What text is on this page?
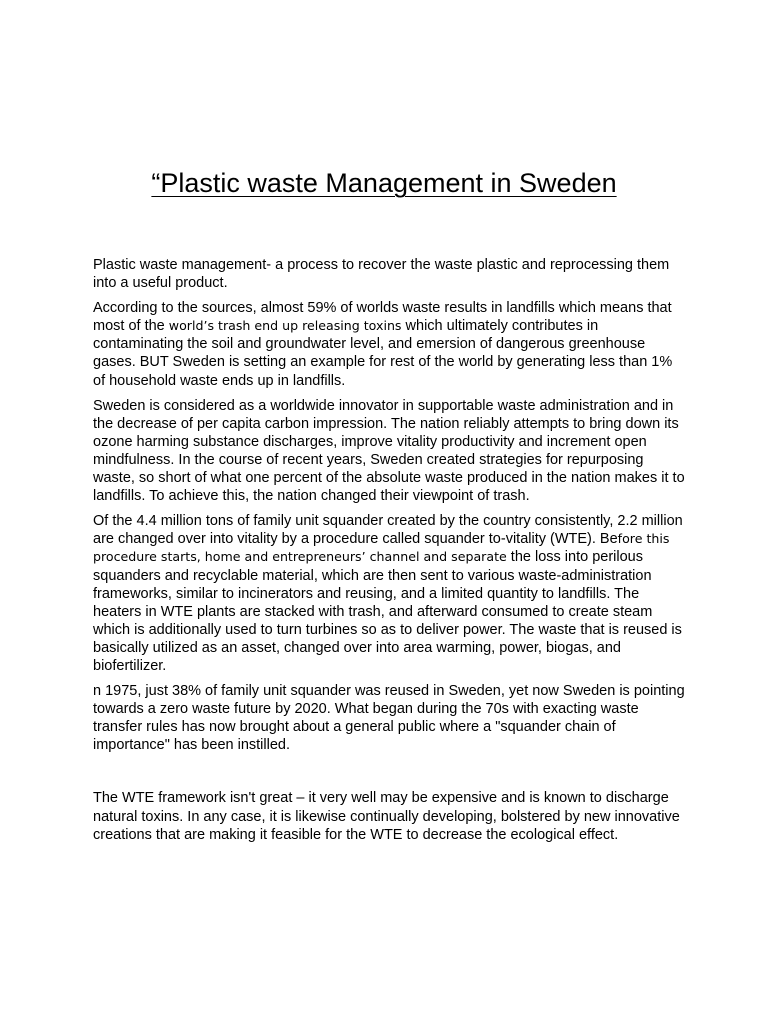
“Plastic waste Management in Sweden

Plastic waste management- a process to recover the waste plastic and reprocessing them into a useful product.

According to the sources, almost 59% of worlds waste results in landfills which means that most of the world’s trash end up releasing toxins which ultimately contributes in contaminating the soil and groundwater level, and emersion of dangerous greenhouse gases. BUT Sweden is setting an example for rest of the world by generating less than 1% of household waste ends up in landfills.

Sweden is considered as a worldwide innovator in supportable waste administration and in the decrease of per capita carbon impression. The nation reliably attempts to bring down its ozone harming substance discharges, improve vitality productivity and increment open mindfulness. In the course of recent years, Sweden created strategies for repurposing waste, so short of what one percent of the absolute waste produced in the nation makes it to landfills. To achieve this, the nation changed their viewpoint of trash.

Of the 4.4 million tons of family unit squander created by the country consistently, 2.2 million are changed over into vitality by a procedure called squander to-vitality (WTE). Before this procedure starts, home and entrepreneurs’ channel and separate the loss into perilous squanders and recyclable material, which are then sent to various waste-administration frameworks, similar to incinerators and reusing, and a limited quantity to landfills. The heaters in WTE plants are stacked with trash, and afterward consumed to create steam which is additionally used to turn turbines so as to deliver power. The waste that is reused is basically utilized as an asset, changed over into area warming, power, biogas, and biofertilizer.

n 1975, just 38% of family unit squander was reused in Sweden, yet now Sweden is pointing towards a zero waste future by 2020. What began during the 70s with exacting waste transfer rules has now brought about a general public where a "squander chain of importance" has been instilled.

The WTE framework isn't great – it very well may be expensive and is known to discharge natural toxins. In any case, it is likewise continually developing, bolstered by new innovative creations that are making it feasible for the WTE to decrease the ecological effect.
